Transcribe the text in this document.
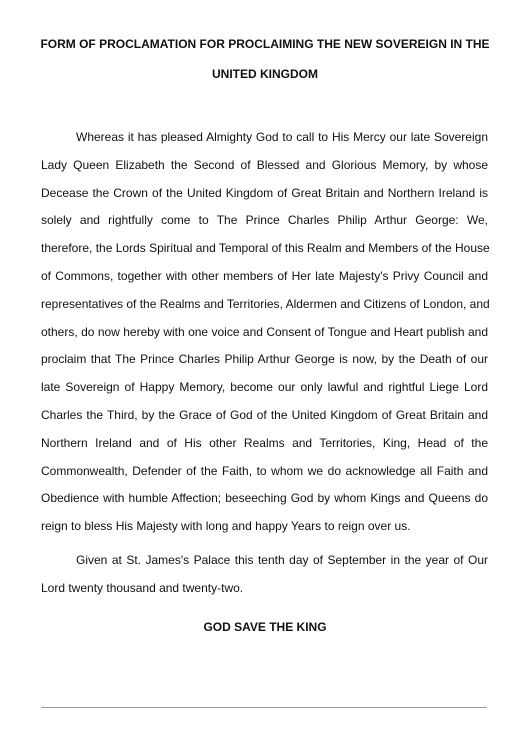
FORM OF PROCLAMATION FOR PROCLAIMING THE NEW SOVEREIGN IN THE
UNITED KINGDOM
Whereas it has pleased Almighty God to call to His Mercy our late Sovereign
Lady Queen Elizabeth the Second of Blessed and Glorious Memory, by whose
Decease the Crown of the United Kingdom of Great Britain and Northern Ireland is
solely and rightfully come to The Prince Charles Philip Arthur George: We,
therefore, the Lords Spiritual and Temporal of this Realm and Members of the House
of Commons, together with other members of Her late Majesty's Privy Council and
representatives of the Realms and Territories, Aldermen and Citizens of London, and
others, do now hereby with one voice and Consent of Tongue and Heart publish and
proclaim that The Prince Charles Philip Arthur George is now, by the Death of our
late Sovereign of Happy Memory, become our only lawful and rightful Liege Lord
Charles the Third, by the Grace of God of the United Kingdom of Great Britain and
Northern Ireland and of His other Realms and Territories, King, Head of the
Commonwealth, Defender of the Faith, to whom we do acknowledge all Faith and
Obedience with humble Affection; beseeching God by whom Kings and Queens do
reign to bless His Majesty with long and happy Years to reign over us.
Given at St. James's Palace this tenth day of September in the year of Our
Lord twenty thousand and twenty-two.
GOD SAVE THE KING
